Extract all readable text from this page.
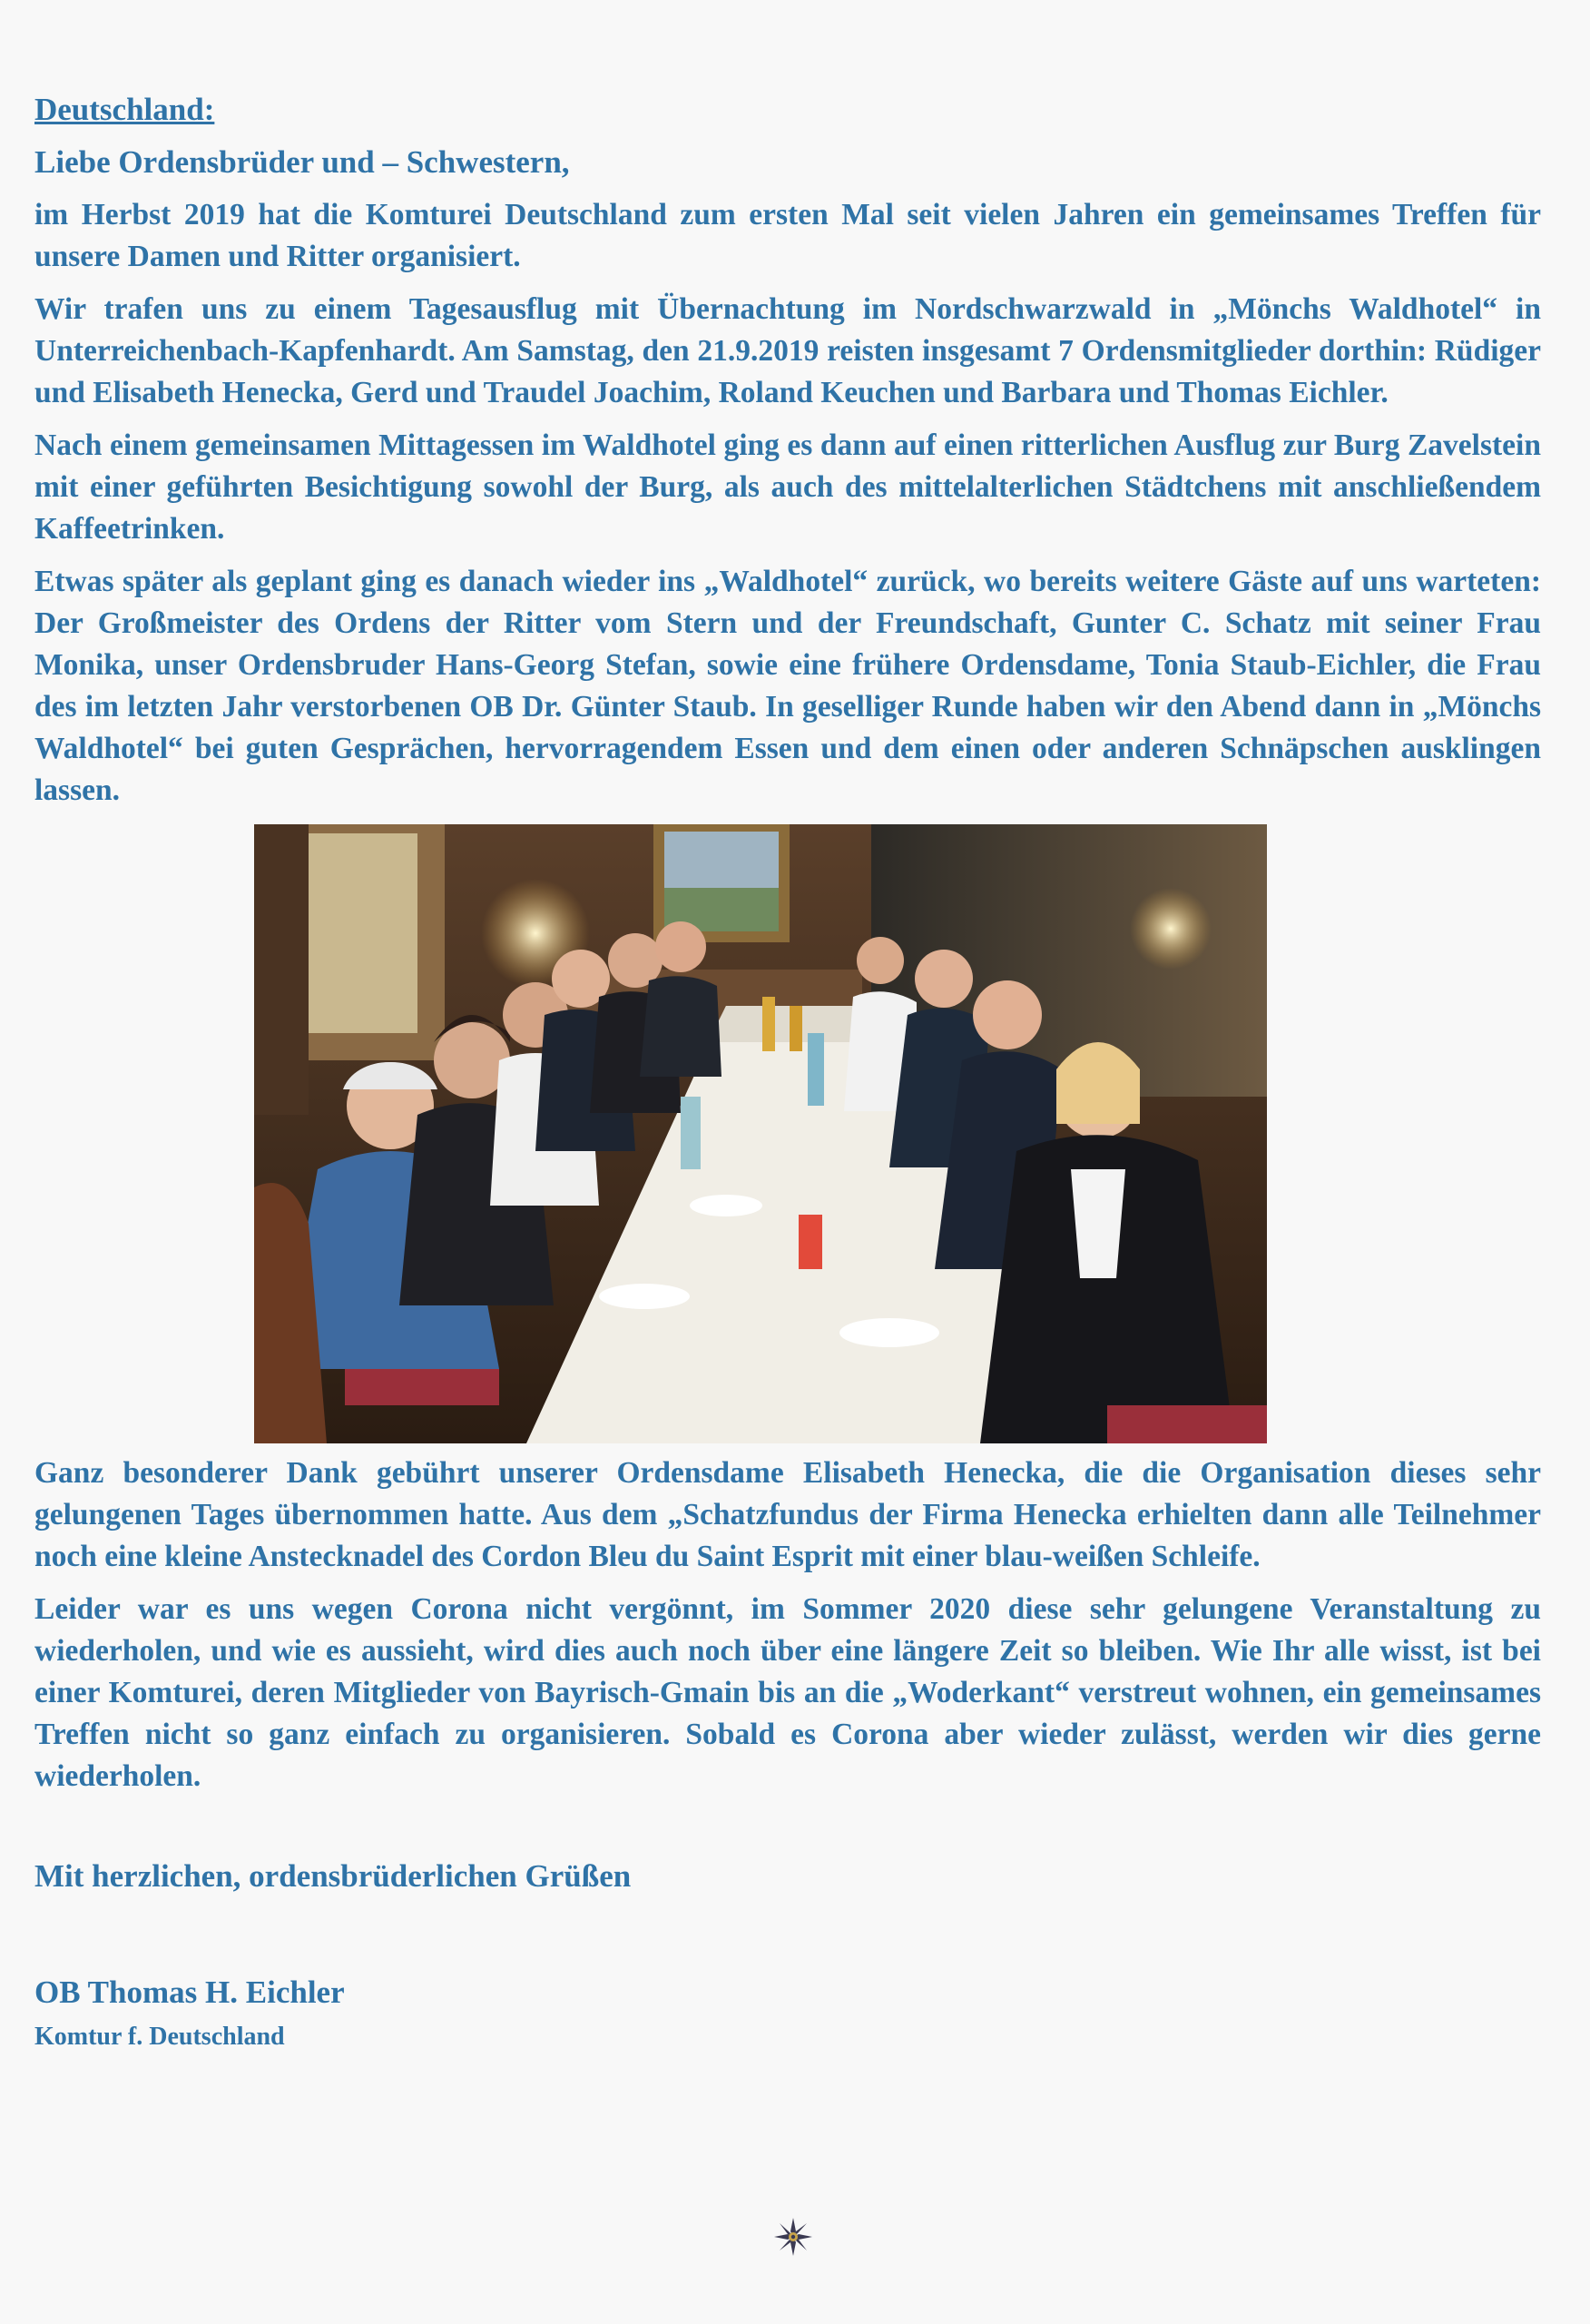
Deutschland:
Liebe Ordensbrüder und – Schwestern,

im Herbst 2019 hat die Komturei Deutschland zum ersten Mal seit vielen Jahren ein gemeinsames Treffen für unsere Damen und Ritter organisiert.

Wir trafen uns zu einem Tagesausflug mit Übernachtung im Nordschwarzwald in „Mönchs Waldhotel“ in Unterreichenbach-Kapfenhardt. Am Samstag, den 21.9.2019 reisten insgesamt 7 Ordensmitglieder dorthin: Rüdiger und Elisabeth Henecka, Gerd und Traudel Joachim, Roland Keuchen und Barbara und Thomas Eichler.

Nach einem gemeinsamen Mittagessen im Waldhotel ging es dann auf einen ritterlichen Ausflug zur Burg Zavelstein mit einer geführten Besichtigung sowohl der Burg, als auch des mittelalterlichen Städtchens mit anschließendem Kaffeetrinken.

Etwas später als geplant ging es danach wieder ins „Waldhotel“ zurück, wo bereits weitere Gäste auf uns warteten: Der Großmeister des Ordens der Ritter vom Stern und der Freundschaft, Gunter C. Schatz mit seiner Frau Monika, unser Ordensbruder Hans-Georg Stefan, sowie eine frühere Ordensdame, Tonia Staub-Eichler, die Frau des im letzten Jahr verstorbenen OB Dr. Günter Staub. In geselliger Runde haben wir den Abend dann in „Mönchs Waldhotel“ bei guten Gesprächen, hervorragendem Essen und dem einen oder anderen Schnäpschen ausklingen lassen.

Ganz besonderer Dank gebührt unserer Ordensdame Elisabeth Henecka, die die Organisation dieses sehr gelungenen Tages übernommen hatte. Aus dem „Schatzfundus der Firma Henecka erhielten dann alle Teilnehmer noch eine kleine Anstecknadel des Cordon Bleu du Saint Esprit mit einer blau-weißen Schleife.

Leider war es uns wegen Corona nicht vergönnt, im Sommer 2020 diese sehr gelungene Veranstaltung zu wiederholen, und wie es aussieht, wird dies auch noch über eine längere Zeit so bleiben. Wie Ihr alle wisst, ist bei einer Komturei, deren Mitglieder von Bayrisch-Gmain bis an die „Woderkant“ verstreut wohnen, ein gemeinsames Treffen nicht so ganz einfach zu organisieren. Sobald es Corona aber wieder zulässt, werden wir dies gerne wiederholen.

Mit herzlichen, ordensbrüderlichen Grüßen
OB Thomas H. Eichler
Komtur f. Deutschland
